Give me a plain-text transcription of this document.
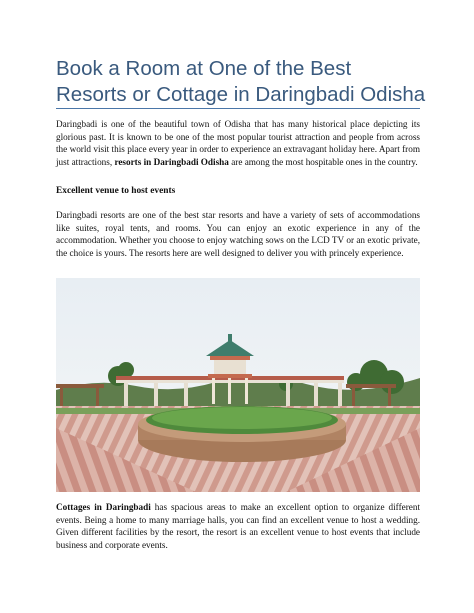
Book a Room at One of the Best Resorts or Cottage in Daringbadi Odisha

Daringbadi is one of the beautiful town of Odisha that has many historical place depicting its glorious past. It is known to be one of the most popular tourist attraction and people from across the world visit this place every year in order to experience an extravagant holiday here. Apart from just attractions, resorts in Daringbadi Odisha are among the most hospitable ones in the country.

Excellent venue to host events

Daringbadi resorts are one of the best star resorts and have a variety of sets of accommodations like suites, royal tents, and rooms. You can enjoy an exotic experience in any of the accommodation. Whether you choose to enjoy watching sows on the LCD TV or an exotic private, the choice is yours. The resorts here are well designed to deliver you with princely experience.

Cottages in Daringbadi has spacious areas to make an excellent option to organize different events. Being a home to many marriage halls, you can find an excellent venue to host a wedding. Given different facilities by the resort, the resort is an excellent venue to host events that include business and corporate events.
